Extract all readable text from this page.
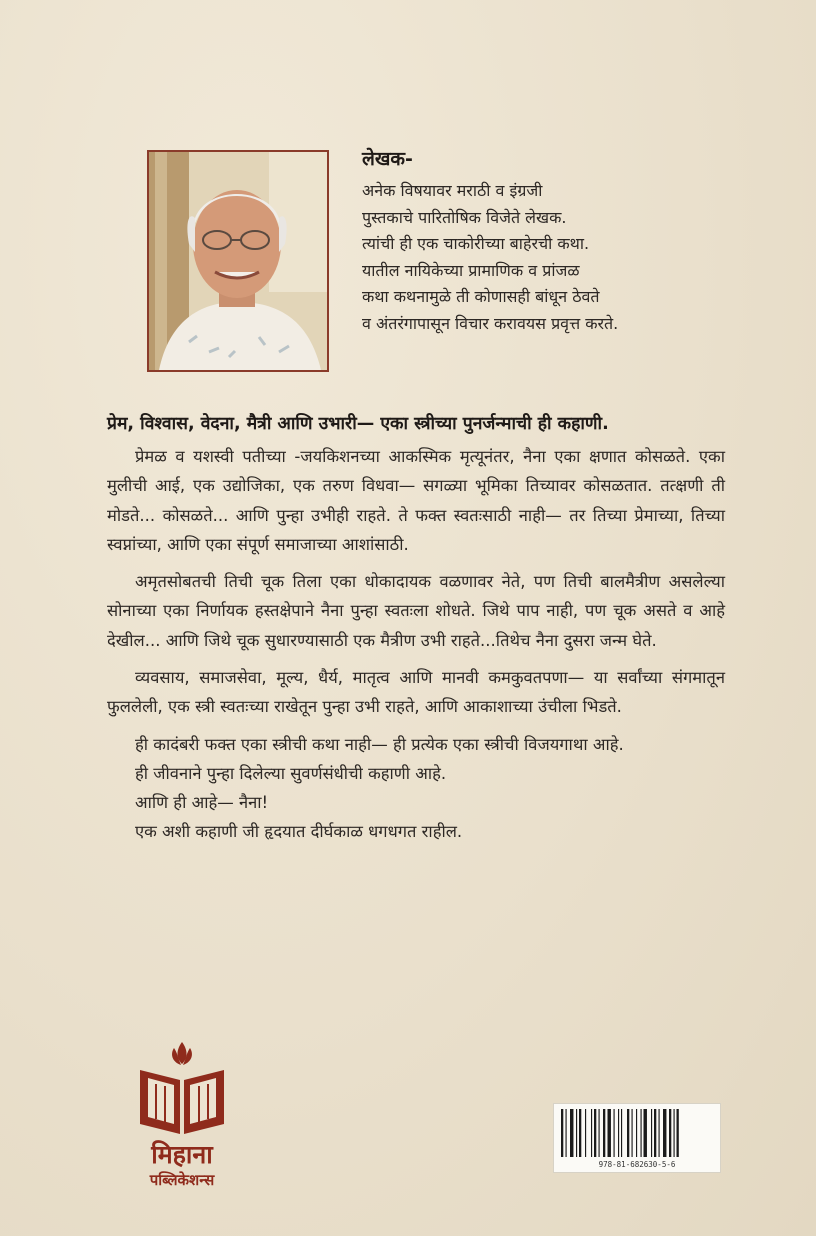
लेखक-
अनेक विषयावर मराठी व इंग्रजी
पुस्तकाचे पारितोषिक विजेते लेखक.
त्यांची ही एक चाकोरीच्या बाहेरची कथा.
यातील नायिकेच्या प्रामाणिक व प्रांजळ
कथा कथनामुळे ती कोणासही बांधून ठेवते
व अंतरंगापासून विचार करावयस प्रवृत्त करते.
प्रेम, विश्वास, वेदना, मैत्री आणि उभारी— एका स्त्रीच्या पुनर्जन्माची ही कहाणी.

प्रेमळ व यशस्वी पतीच्या -जयकिशनच्या आकस्मिक मृत्यूनंतर, नैना एका क्षणात कोसळते. एका मुलीची आई, एक उद्योजिका, एक तरुण विधवा— सगळ्या भूमिका तिच्यावर कोसळतात. तत्क्षणी ती मोडते... कोसळते... आणि पुन्हा उभीही राहते. ते फक्त स्वतःसाठी नाही— तर तिच्या प्रेमाच्या, तिच्या स्वप्नांच्या, आणि एका संपूर्ण समाजाच्या आशांसाठी.

अमृतसोबतची तिची चूक तिला एका धोकादायक वळणावर नेते, पण तिची बालमैत्रीण असलेल्या सोनाच्या एका निर्णायक हस्तक्षेपाने नैना पुन्हा स्वतःला शोधते. जिथे पाप नाही, पण चूक असते व आहे देखील... आणि जिथे चूक सुधारण्यासाठी एक मैत्रीण उभी राहते...तिथेच नैना दुसरा जन्म घेते.

व्यवसाय, समाजसेवा, मूल्य, धैर्य, मातृत्व आणि मानवी कमकुवतपणा— या सर्वांच्या संगमातून फुललेली, एक स्त्री स्वतःच्या राखेतून पुन्हा उभी राहते, आणि आकाशाच्या उंचीला भिडते.

ही कादंबरी फक्त एका स्त्रीची कथा नाही— ही प्रत्येक एका स्त्रीची विजयगाथा आहे.
ही जीवनाने पुन्हा दिलेल्या सुवर्णसंधीची कहाणी आहे.
आणि ही आहे— नैना!
एक अशी कहाणी जी हृदयात दीर्घकाळ धगधगत राहील.
मिहाना
पब्लिकेशन्स
978-81-682630-5-6
